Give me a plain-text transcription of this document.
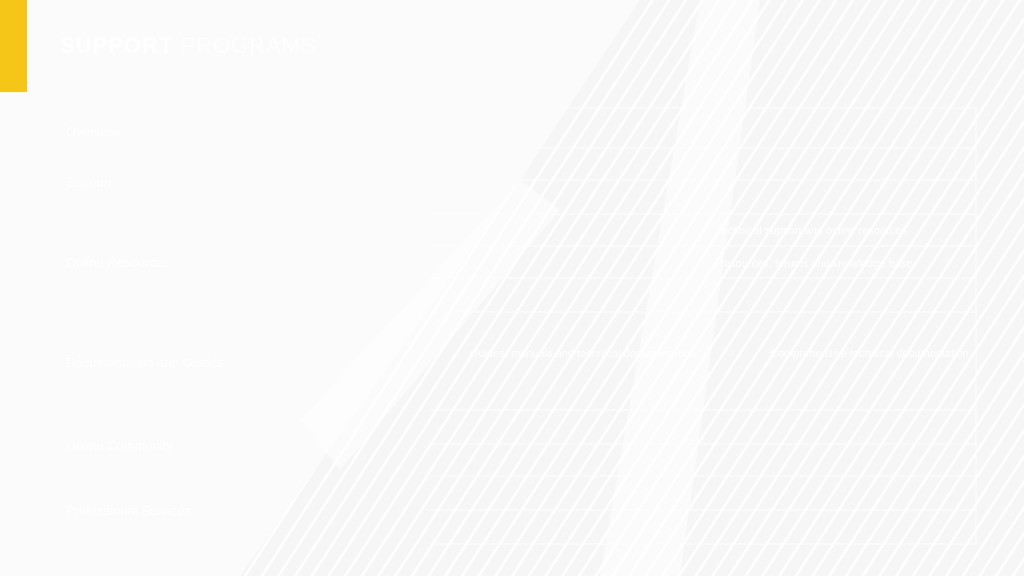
SUPPORT PROGRAMS
Overview
Support
Online Resources
Documentation and Guides
Online Community
Professional Services
Technical support and online resources
Resources, forums and knowledge base
Guides, manuals and technical documentation	Comprehensive technical documentation
